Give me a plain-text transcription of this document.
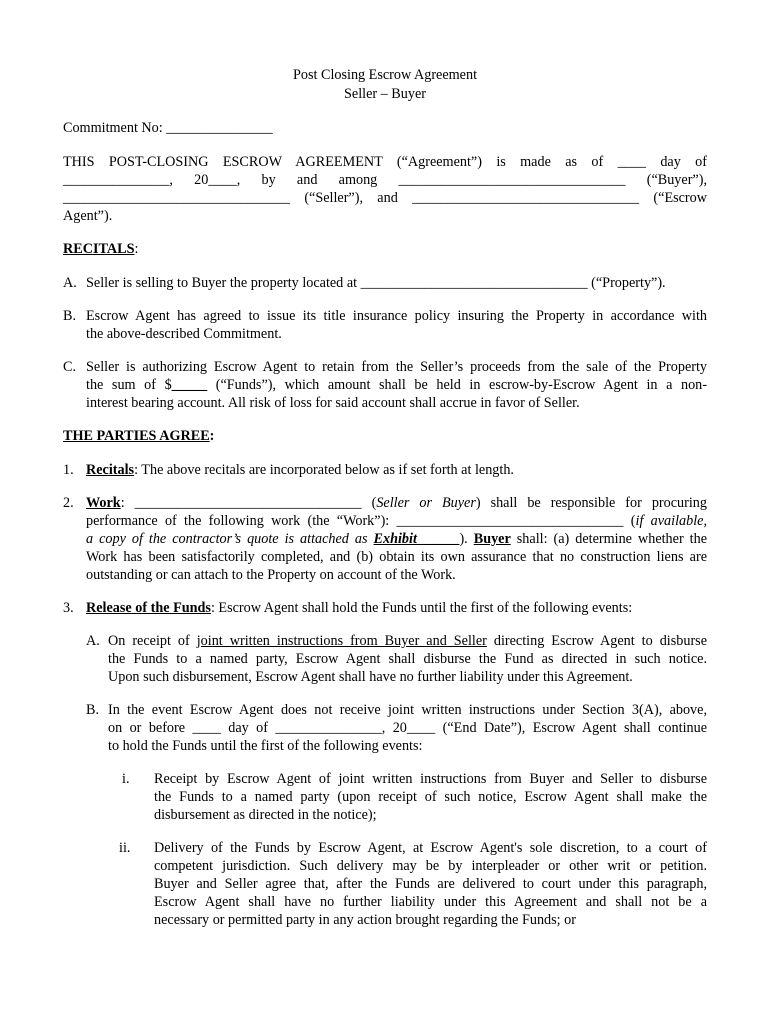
Post Closing Escrow Agreement
Seller – Buyer
Commitment No: _______________
THIS POST-CLOSING ESCROW AGREEMENT (“Agreement”) is made as of ____ day of
_______________, 20____, by and among ________________________________ (“Buyer”),
________________________________ (“Seller”), and ________________________________ (“Escrow
Agent”).
RECITALS:
A. Seller is selling to Buyer the property located at ________________________________ (“Property”).
B. Escrow Agent has agreed to issue its title insurance policy insuring the Property in accordance with
the above-described Commitment.
C. Seller is authorizing Escrow Agent to retain from the Seller’s proceeds from the sale of the Property
the sum of $_____ (“Funds”), which amount shall be held in escrow-by-Escrow Agent in a non-
interest bearing account. All risk of loss for said account shall accrue in favor of Seller.
THE PARTIES AGREE:
1. Recitals: The above recitals are incorporated below as if set forth at length.
2. Work: ________________________________ (Seller or Buyer) shall be responsible for procuring
performance of the following work (the “Work”): ________________________________ (if available,
a copy of the contractor’s quote is attached as Exhibit______). Buyer shall: (a) determine whether the
Work has been satisfactorily completed, and (b) obtain its own assurance that no construction liens are
outstanding or can attach to the Property on account of the Work.
3. Release of the Funds: Escrow Agent shall hold the Funds until the first of the following events:
A. On receipt of joint written instructions from Buyer and Seller directing Escrow Agent to disburse
the Funds to a named party, Escrow Agent shall disburse the Fund as directed in such notice.
Upon such disbursement, Escrow Agent shall have no further liability under this Agreement.
B. In the event Escrow Agent does not receive joint written instructions under Section 3(A), above,
on or before ____ day of _______________, 20____ (“End Date”), Escrow Agent shall continue
to hold the Funds until the first of the following events:
i. Receipt by Escrow Agent of joint written instructions from Buyer and Seller to disburse
the Funds to a named party (upon receipt of such notice, Escrow Agent shall make the
disbursement as directed in the notice);
ii. Delivery of the Funds by Escrow Agent, at Escrow Agent's sole discretion, to a court of
competent jurisdiction. Such delivery may be by interpleader or other writ or petition.
Buyer and Seller agree that, after the Funds are delivered to court under this paragraph,
Escrow Agent shall have no further liability under this Agreement and shall not be a
necessary or permitted party in any action brought regarding the Funds; or
